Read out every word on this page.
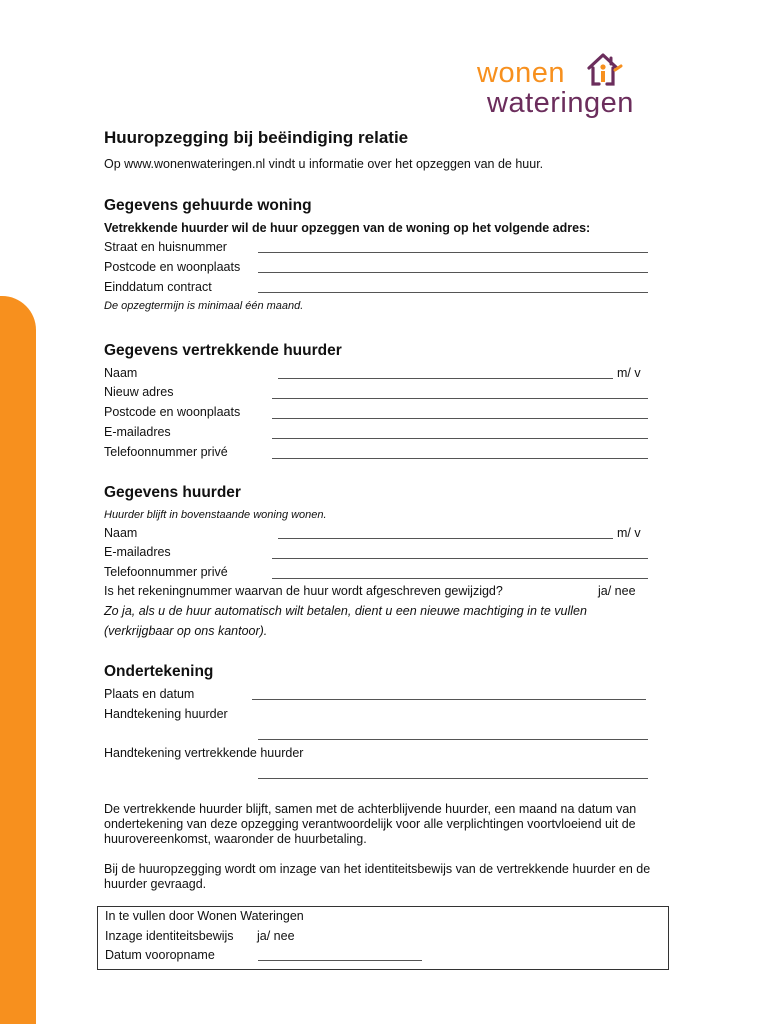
wonen
wateringen
Huuropzegging bij beëindiging relatie
Op www.wonenwateringen.nl vindt u informatie over het opzeggen van de huur.
Gegevens gehuurde woning
Vetrekkende huurder wil de huur opzeggen van de woning op het volgende adres:
Straat en huisnummer
Postcode en woonplaats
Einddatum contract
De opzegtermijn is minimaal één maand.
Gegevens vertrekkende huurder
Naam	m/ v
Nieuw adres
Postcode en woonplaats
E-mailadres
Telefoonnummer privé
Gegevens huurder
Huurder blijft in bovenstaande woning wonen.
Naam	m/ v
E-mailadres
Telefoonnummer privé
Is het rekeningnummer waarvan de huur wordt afgeschreven gewijzigd?	ja/ nee
Zo ja, als u de huur automatisch wilt betalen, dient u een nieuwe machtiging in te vullen
(verkrijgbaar op ons kantoor).
Ondertekening
Plaats en datum
Handtekening huurder
Handtekening vertrekkende huurder
De vertrekkende huurder blijft, samen met de achterblijvende huurder, een maand na datum van ondertekening van deze opzegging verantwoordelijk voor alle verplichtingen voortvloeiend uit de huurovereenkomst, waaronder de huurbetaling.
Bij de huuropzegging wordt om inzage van het identiteitsbewijs van de vertrekkende huurder en de huurder gevraagd.
In te vullen door Wonen Wateringen
Inzage identiteitsbewijs ja/ nee
Datum vooropname
